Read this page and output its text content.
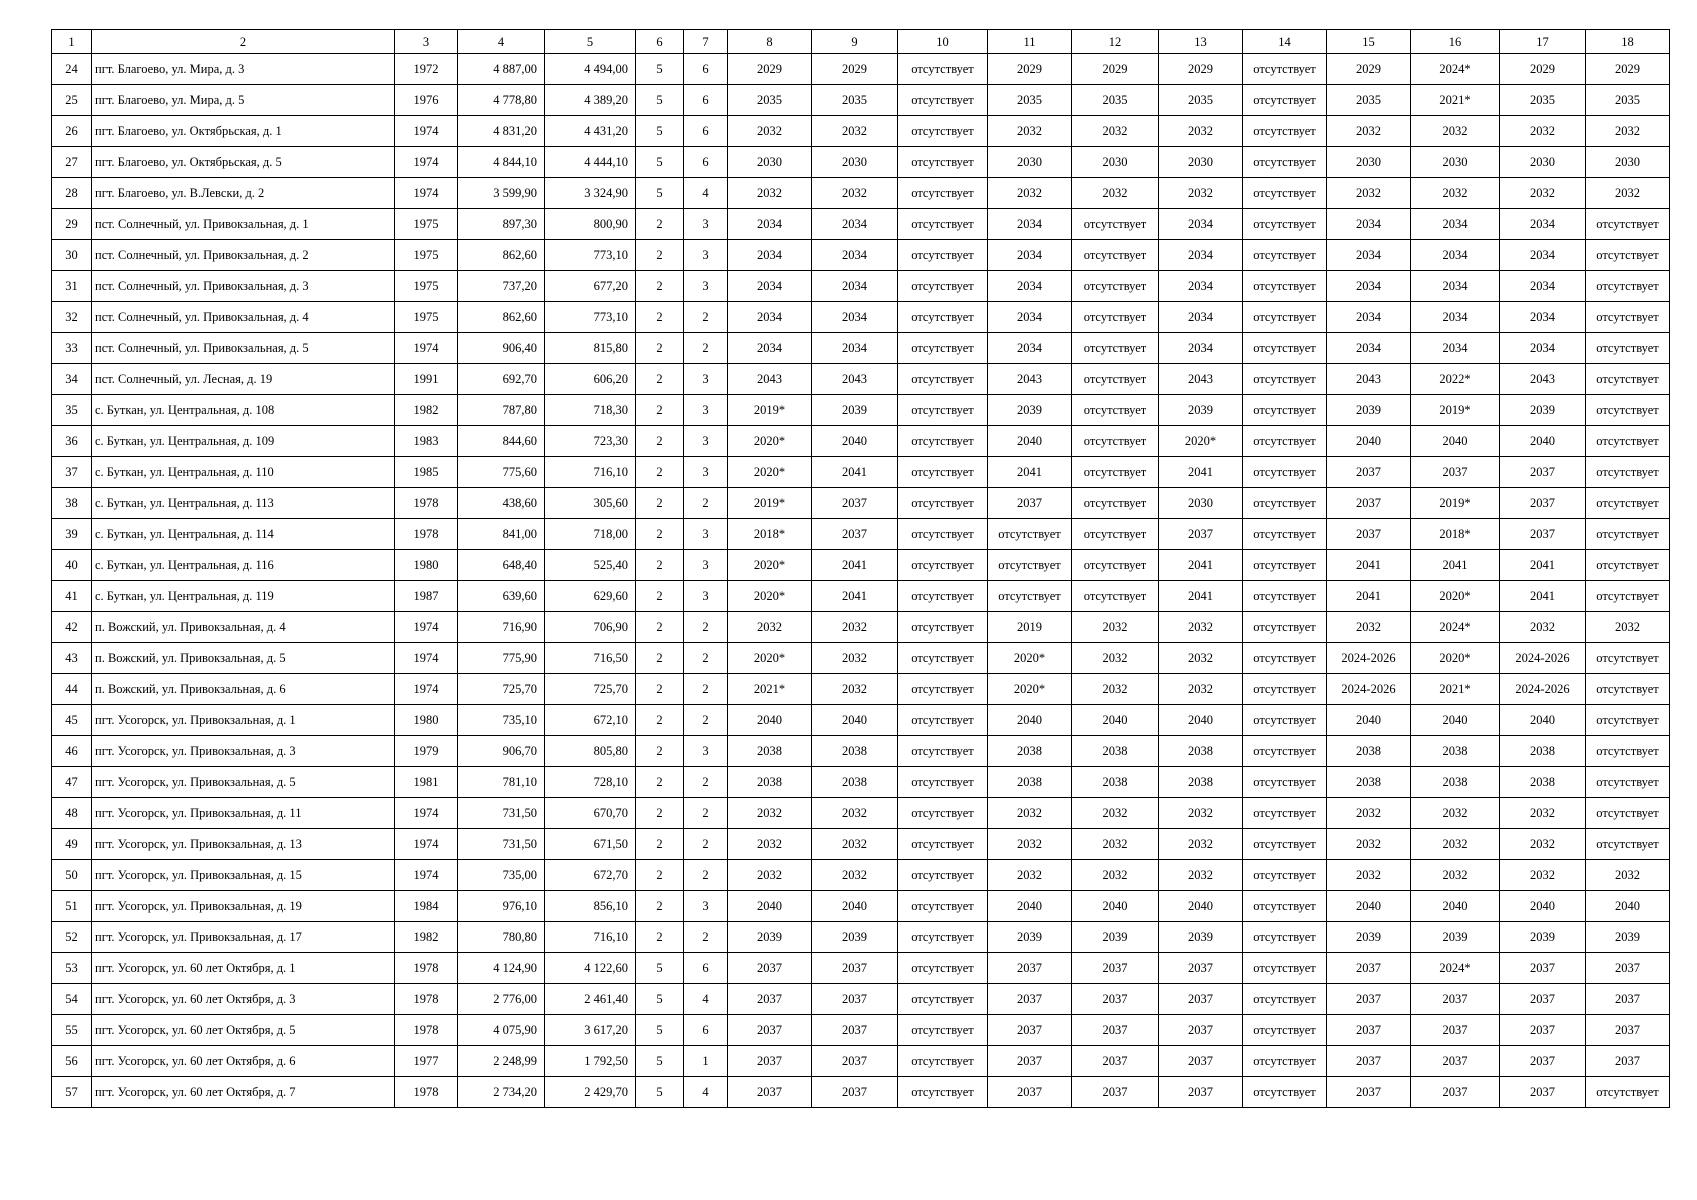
1	2	3	4	5	6	7	8	9	10	11	12	13	14	15	16	17	18
24	пгт. Благоево, ул. Мира, д. 3	1972	4 887,00	4 494,00	5	6	2029	2029	отсутствует	2029	2029	2029	отсутствует	2029	2024*	2029	2029
25	пгт. Благоево, ул. Мира, д. 5	1976	4 778,80	4 389,20	5	6	2035	2035	отсутствует	2035	2035	2035	отсутствует	2035	2021*	2035	2035
26	пгт. Благоево, ул. Октябрьская, д. 1	1974	4 831,20	4 431,20	5	6	2032	2032	отсутствует	2032	2032	2032	отсутствует	2032	2032	2032	2032
27	пгт. Благоево, ул. Октябрьская, д. 5	1974	4 844,10	4 444,10	5	6	2030	2030	отсутствует	2030	2030	2030	отсутствует	2030	2030	2030	2030
28	пгт. Благоево, ул. В.Левски, д. 2	1974	3 599,90	3 324,90	5	4	2032	2032	отсутствует	2032	2032	2032	отсутствует	2032	2032	2032	2032
29	пст. Солнечный, ул. Привокзальная, д. 1	1975	897,30	800,90	2	3	2034	2034	отсутствует	2034	отсутствует	2034	отсутствует	2034	2034	2034	отсутствует
30	пст. Солнечный, ул. Привокзальная, д. 2	1975	862,60	773,10	2	3	2034	2034	отсутствует	2034	отсутствует	2034	отсутствует	2034	2034	2034	отсутствует
31	пст. Солнечный, ул. Привокзальная, д. 3	1975	737,20	677,20	2	3	2034	2034	отсутствует	2034	отсутствует	2034	отсутствует	2034	2034	2034	отсутствует
32	пст. Солнечный, ул. Привокзальная, д. 4	1975	862,60	773,10	2	2	2034	2034	отсутствует	2034	отсутствует	2034	отсутствует	2034	2034	2034	отсутствует
33	пст. Солнечный, ул. Привокзальная, д. 5	1974	906,40	815,80	2	2	2034	2034	отсутствует	2034	отсутствует	2034	отсутствует	2034	2034	2034	отсутствует
34	пст. Солнечный, ул. Лесная, д. 19	1991	692,70	606,20	2	3	2043	2043	отсутствует	2043	отсутствует	2043	отсутствует	2043	2022*	2043	отсутствует
35	с. Буткан, ул. Центральная, д. 108	1982	787,80	718,30	2	3	2019*	2039	отсутствует	2039	отсутствует	2039	отсутствует	2039	2019*	2039	отсутствует
36	с. Буткан, ул. Центральная, д. 109	1983	844,60	723,30	2	3	2020*	2040	отсутствует	2040	отсутствует	2020*	отсутствует	2040	2040	2040	отсутствует
37	с. Буткан, ул. Центральная, д. 110	1985	775,60	716,10	2	3	2020*	2041	отсутствует	2041	отсутствует	2041	отсутствует	2037	2037	2037	отсутствует
38	с. Буткан, ул. Центральная, д. 113	1978	438,60	305,60	2	2	2019*	2037	отсутствует	2037	отсутствует	2030	отсутствует	2037	2019*	2037	отсутствует
39	с. Буткан, ул. Центральная, д. 114	1978	841,00	718,00	2	3	2018*	2037	отсутствует	отсутствует	отсутствует	2037	отсутствует	2037	2018*	2037	отсутствует
40	с. Буткан, ул. Центральная, д. 116	1980	648,40	525,40	2	3	2020*	2041	отсутствует	отсутствует	отсутствует	2041	отсутствует	2041	2041	2041	отсутствует
41	с. Буткан, ул. Центральная, д. 119	1987	639,60	629,60	2	3	2020*	2041	отсутствует	отсутствует	отсутствует	2041	отсутствует	2041	2020*	2041	отсутствует
42	п. Вожский, ул. Привокзальная, д. 4	1974	716,90	706,90	2	2	2032	2032	отсутствует	2019	2032	2032	отсутствует	2032	2024*	2032	2032
43	п. Вожский, ул. Привокзальная, д. 5	1974	775,90	716,50	2	2	2020*	2032	отсутствует	2020*	2032	2032	отсутствует	2024-2026	2020*	2024-2026	отсутствует
44	п. Вожский, ул. Привокзальная, д. 6	1974	725,70	725,70	2	2	2021*	2032	отсутствует	2020*	2032	2032	отсутствует	2024-2026	2021*	2024-2026	отсутствует
45	пгт. Усогорск, ул. Привокзальная, д. 1	1980	735,10	672,10	2	2	2040	2040	отсутствует	2040	2040	2040	отсутствует	2040	2040	2040	отсутствует
46	пгт. Усогорск, ул. Привокзальная, д. 3	1979	906,70	805,80	2	3	2038	2038	отсутствует	2038	2038	2038	отсутствует	2038	2038	2038	отсутствует
47	пгт. Усогорск, ул. Привокзальная, д. 5	1981	781,10	728,10	2	2	2038	2038	отсутствует	2038	2038	2038	отсутствует	2038	2038	2038	отсутствует
48	пгт. Усогорск, ул. Привокзальная, д. 11	1974	731,50	670,70	2	2	2032	2032	отсутствует	2032	2032	2032	отсутствует	2032	2032	2032	отсутствует
49	пгт. Усогорск, ул. Привокзальная, д. 13	1974	731,50	671,50	2	2	2032	2032	отсутствует	2032	2032	2032	отсутствует	2032	2032	2032	отсутствует
50	пгт. Усогорск, ул. Привокзальная, д. 15	1974	735,00	672,70	2	2	2032	2032	отсутствует	2032	2032	2032	отсутствует	2032	2032	2032	2032
51	пгт. Усогорск, ул. Привокзальная, д. 19	1984	976,10	856,10	2	3	2040	2040	отсутствует	2040	2040	2040	отсутствует	2040	2040	2040	2040
52	пгт. Усогорск, ул. Привокзальная, д. 17	1982	780,80	716,10	2	2	2039	2039	отсутствует	2039	2039	2039	отсутствует	2039	2039	2039	2039
53	пгт. Усогорск, ул. 60 лет Октября, д. 1	1978	4 124,90	4 122,60	5	6	2037	2037	отсутствует	2037	2037	2037	отсутствует	2037	2024*	2037	2037
54	пгт. Усогорск, ул. 60 лет Октября, д. 3	1978	2 776,00	2 461,40	5	4	2037	2037	отсутствует	2037	2037	2037	отсутствует	2037	2037	2037	2037
55	пгт. Усогорск, ул. 60 лет Октября, д. 5	1978	4 075,90	3 617,20	5	6	2037	2037	отсутствует	2037	2037	2037	отсутствует	2037	2037	2037	2037
56	пгт. Усогорск, ул. 60 лет Октября, д. 6	1977	2 248,99	1 792,50	5	1	2037	2037	отсутствует	2037	2037	2037	отсутствует	2037	2037	2037	2037
57	пгт. Усогорск, ул. 60 лет Октября, д. 7	1978	2 734,20	2 429,70	5	4	2037	2037	отсутствует	2037	2037	2037	отсутствует	2037	2037	2037	отсутствует
